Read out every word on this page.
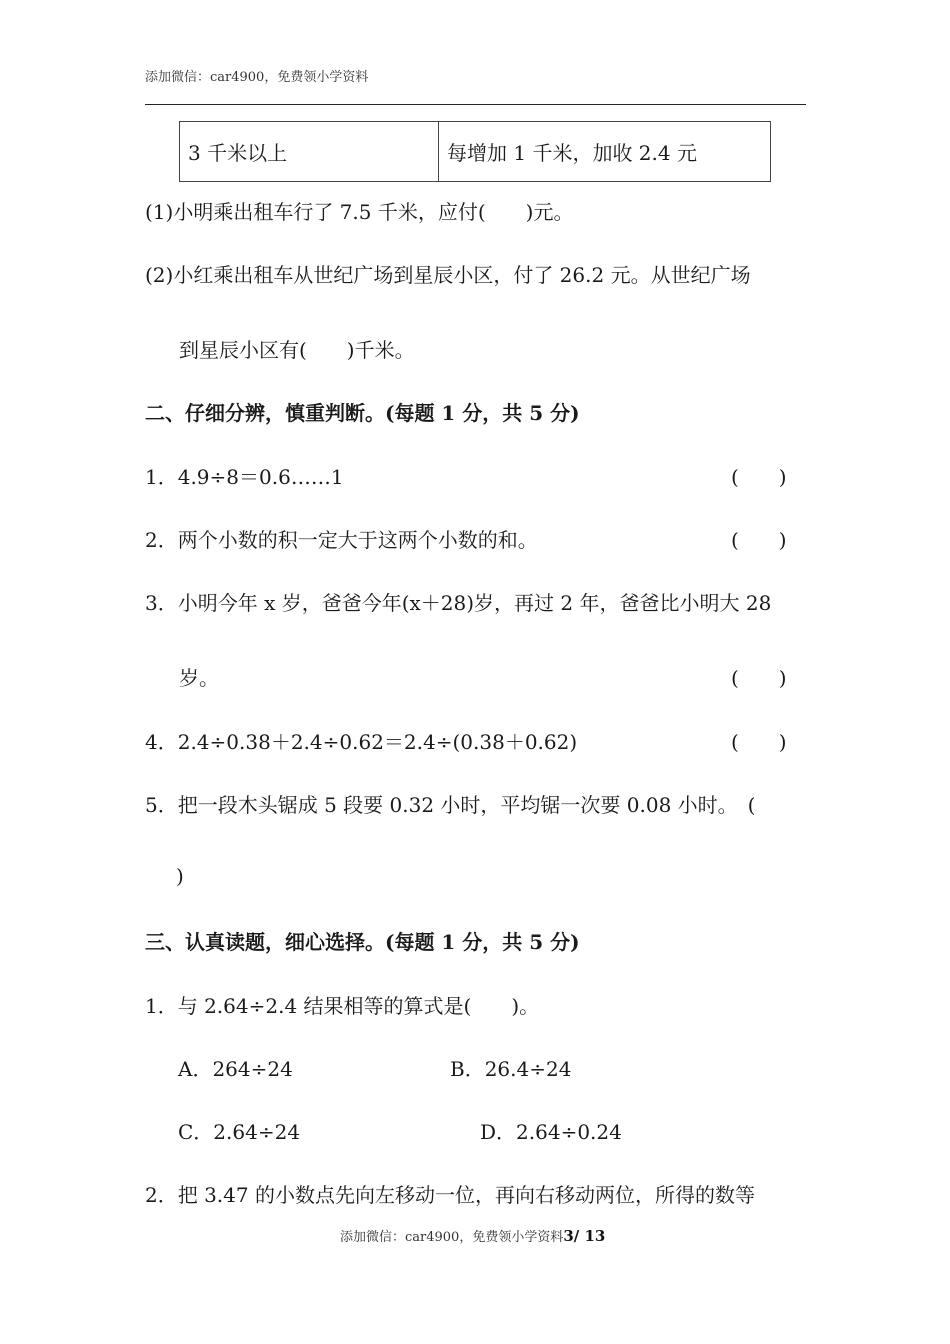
添加微信：car4900，免费领小学资料
3 千米以上	每增加 1 千米，加收 2.4 元
(1)小明乘出租车行了 7.5 千米，应付(　　)元。
(2)小红乘出租车从世纪广场到星辰小区，付了 26.2 元。从世纪广场
到星辰小区有(　　)千米。
二、仔细分辨，慎重判断。(每题 1 分，共 5 分)
1．4.9÷8＝0.6……1	(　　)
2．两个小数的积一定大于这两个小数的和。	(　　)
3．小明今年 x 岁，爸爸今年(x＋28)岁，再过 2 年，爸爸比小明大 28
岁。	(　　)
4．2.4÷0.38＋2.4÷0.62＝2.4÷(0.38＋0.62)	(　　)
5．把一段木头锯成 5 段要 0.32 小时，平均锯一次要 0.08 小时。　(
)
三、认真读题，细心选择。(每题 1 分，共 5 分)
1．与 2.64÷2.4 结果相等的算式是(　　)。
A．264÷24	B．26.4÷24
C．2.64÷24	D．2.64÷0.24
2．把 3.47 的小数点先向左移动一位，再向右移动两位，所得的数等
添加微信：car4900，免费领小学资料3/ 13
